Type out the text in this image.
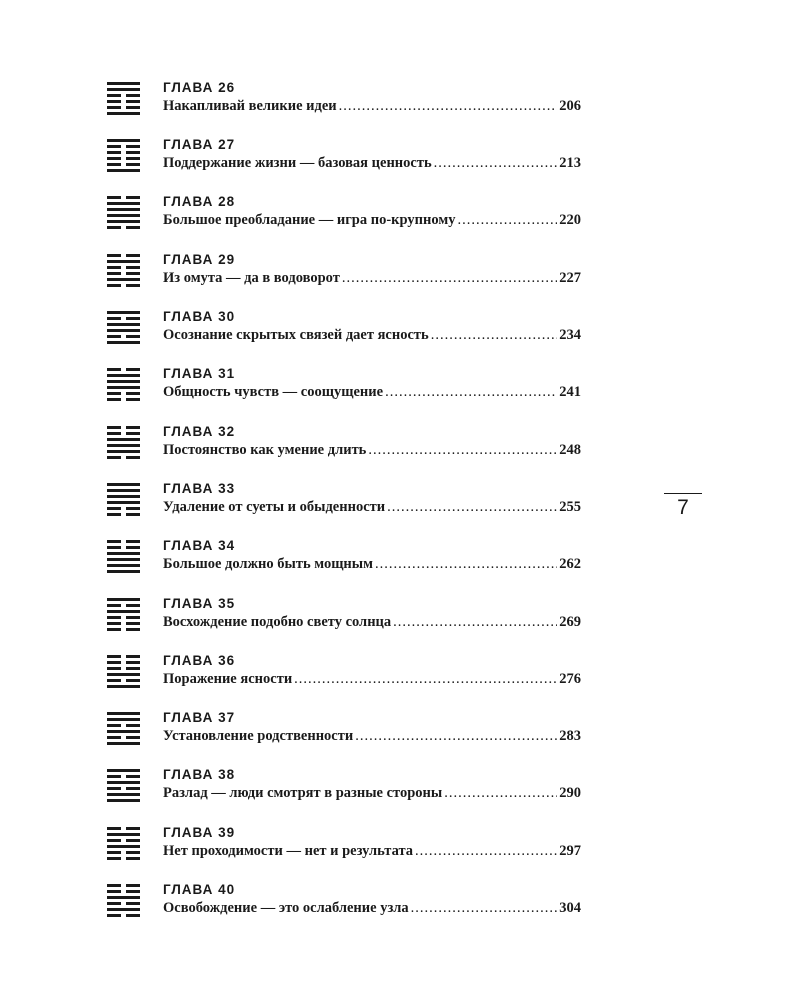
ГЛАВА 26
Накапливай великие идеи .....	206
ГЛАВА 27
Поддержание жизни — базовая ценность .....	213
ГЛАВА 28
Большое преобладание — игра по-крупному .....	220
ГЛАВА 29
Из омута — да в водоворот .....	227
ГЛАВА 30
Осознание скрытых связей дает ясность .....	234
ГЛАВА 31
Общность чувств — соощущение .....	241
ГЛАВА 32
Постоянство как умение длить .....	248
ГЛАВА 33
Удаление от суеты и обыденности .....	255
ГЛАВА 34
Большое должно быть мощным .....	262
ГЛАВА 35
Восхождение подобно свету солнца .....	269
ГЛАВА 36
Поражение ясности .....	276
ГЛАВА 37
Установление родственности .....	283
ГЛАВА 38
Разлад — люди смотрят в разные стороны .....	290
ГЛАВА 39
Нет проходимости — нет и результата .....	297
ГЛАВА 40
Освобождение — это ослабление узла .....	304
7
